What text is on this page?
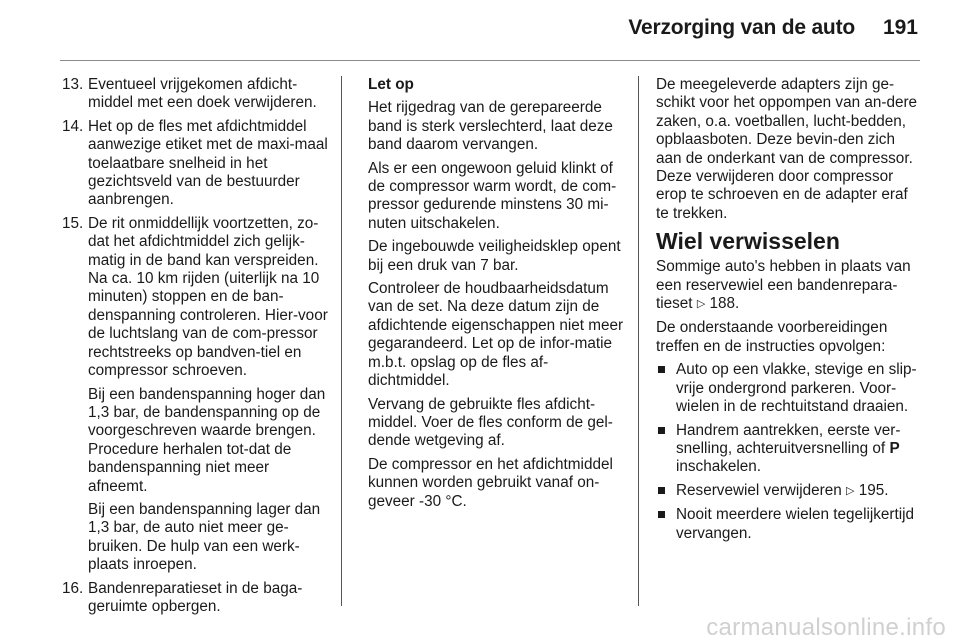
Verzorging van de auto 191
13. Eventueel vrijgekomen afdicht-middel met een doek verwijderen.
14. Het op de fles met afdichtmiddel aanwezige etiket met de maxi-maal toelaatbare snelheid in het gezichtsveld van de bestuurder aanbrengen.
15. De rit onmiddellijk voortzetten, zo-dat het afdichtmiddel zich gelijk-matig in de band kan verspreiden. Na ca. 10 km rijden (uiterlijk na 10 minuten) stoppen en de ban-denspanning controleren. Hier-voor de luchtslang van de com-pressor rechtstreeks op bandven-tiel en compressor schroeven.
Bij een bandenspanning hoger dan 1,3 bar, de bandenspanning op de voorgeschreven waarde brengen. Procedure herhalen tot-dat de bandenspanning niet meer afneemt.
Bij een bandenspanning lager dan 1,3 bar, de auto niet meer ge-bruiken. De hulp van een werk-plaats inroepen.
16. Bandenreparatieset in de baga-geruimte opbergen.

Let op

Het rijgedrag van de gerepareerde band is sterk verslechterd, laat deze band daarom vervangen.

Als er een ongewoon geluid klinkt of de compressor warm wordt, de com-pressor gedurende minstens 30 mi-nuten uitschakelen.

De ingebouwde veiligheidsklep opent bij een druk van 7 bar.

Controleer de houdbaarheidsdatum van de set. Na deze datum zijn de afdichtende eigenschappen niet meer gegarandeerd. Let op de infor-matie m.b.t. opslag op de fles af-dichtmiddel.

Vervang de gebruikte fles afdicht-middel. Voer de fles conform de gel-dende wetgeving af.

De compressor en het afdichtmiddel kunnen worden gebruikt vanaf on-geveer -30 °C.

De meegeleverde adapters zijn ge-schikt voor het oppompen van an-dere zaken, o.a. voetballen, lucht-bedden, opblaasboten. Deze bevin-den zich aan de onderkant van de compressor. Deze verwijderen door compressor erop te schroeven en de adapter eraf te trekken.

Wiel verwisselen

Sommige auto's hebben in plaats van een reservewiel een bandenrepara-tieset ▷ 188.

De onderstaande voorbereidingen treffen en de instructies opvolgen:

Auto op een vlakke, stevige en slip-vrije ondergrond parkeren. Voor-wielen in de rechtuitstand draaien.
Handrem aantrekken, eerste ver-snelling, achteruitversnelling of P inschakelen.
Reservewiel verwijderen ▷ 195.
Nooit meerdere wielen tegelijkertijd vervangen.
carmanualsonline.info
